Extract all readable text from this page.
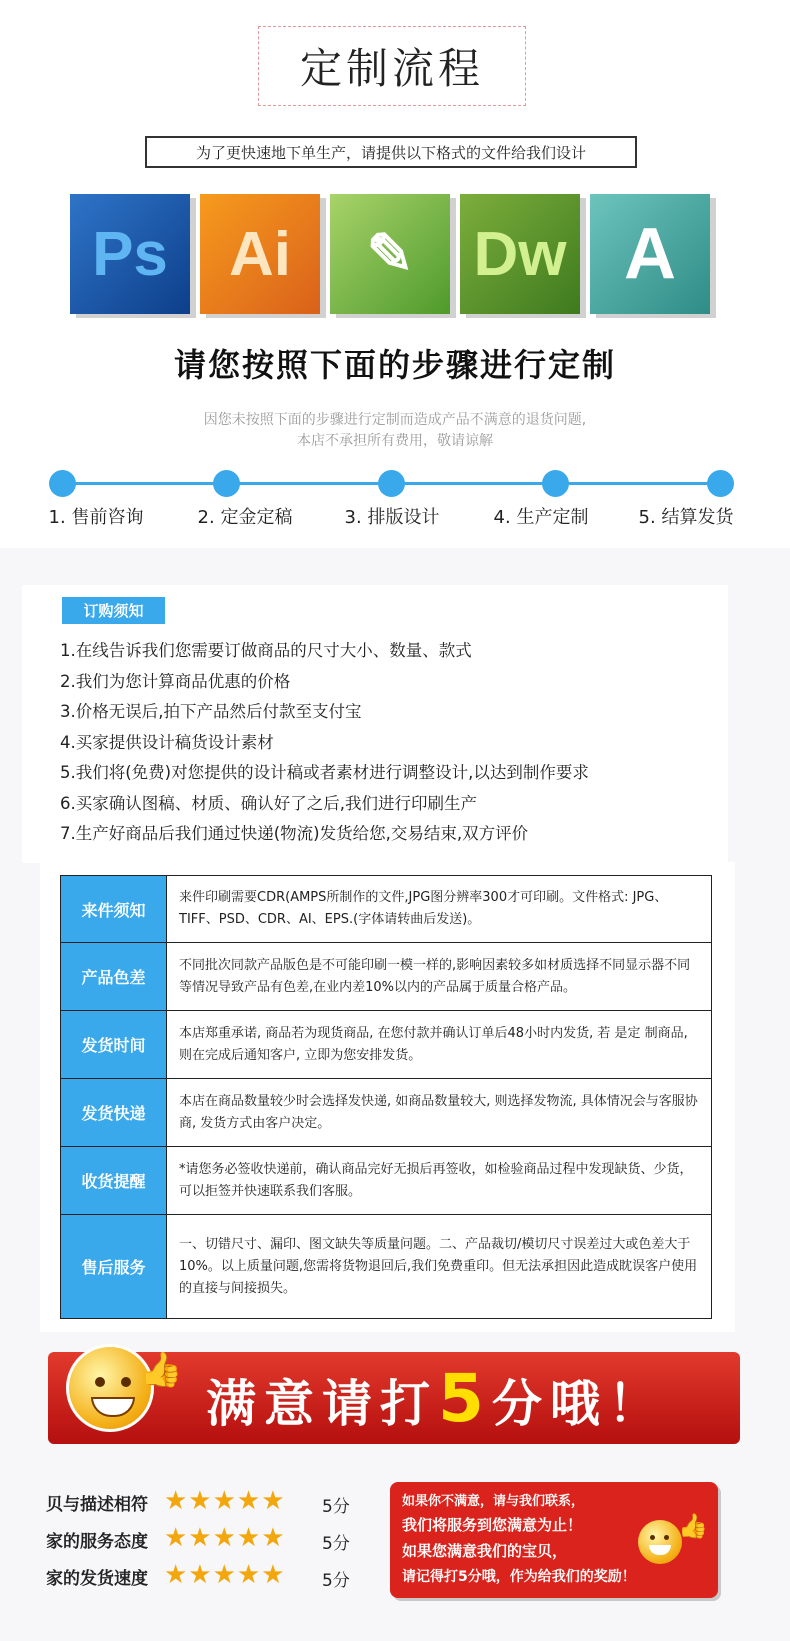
定制流程
为了更快速地下单生产，请提供以下格式的文件给我们设计
Ps Ai	✎ Dw A
请您按照下面的步骤进行定制
因您未按照下面的步骤进行定制而造成产品不满意的退货问题,
本店不承担所有费用，敬请谅解
1. 售前咨询	2. 定金定稿	3. 排版设计	4. 生产定制	5. 结算发货
订购须知
1.在线告诉我们您需要订做商品的尺寸大小、数量、款式
2.我们为您计算商品优惠的价格
3.价格无误后,拍下产品然后付款至支付宝
4.买家提供设计稿货设计素材
5.我们将(免费)对您提供的设计稿或者素材进行调整设计,以达到制作要求
6.买家确认图稿、材质、确认好了之后,我们进行印刷生产
7.生产好商品后我们通过快递(物流)发货给您,交易结束,双方评价
来件须知	来件印刷需要CDR(AMPS所制作的文件,JPG图分辨率300才可印刷。文件格式: JPG、TIFF、PSD、CDR、AI、EPS.(字体请转曲后发送)。
产品色差	不同批次同款产品版色是不可能印刷一模一样的,影响因素较多如材质选择不同显示器不同等情况导致产品有色差,在业内差10%以内的产品属于质量合格产品。
发货时间	本店郑重承诺, 商品若为现货商品, 在您付款并确认订单后48小时内发货, 若 是定 制商品, 则在完成后通知客户, 立即为您安排发货。
发货快递	本店在商品数量较少时会选择发快递, 如商品数量较大, 则选择发物流, 具体情况会与客服协商, 发货方式由客户决定。
收货提醒	*请您务必签收快递前，确认商品完好无损后再签收，如检验商品过程中发现缺货、少货，可以拒签并快速联系我们客服。
售后服务	一、切错尺寸、漏印、图文缺失等质量问题。二、产品裁切/模切尺寸误差过大或色差大于10%。以上质量问题,您需将货物退回后,我们免费重印。但无法承担因此造成眈误客户使用的直接与间接损失。
👍
满意请打5分哦！
贝与描述相符 ★★★★★ 5分
家的服务态度 ★★★★★ 5分
家的发货速度 ★★★★★ 5分

如果你不满意，请与我们联系，

我们将服务到您满意为止！

如果您满意我们的宝贝，

请记得打5分哦，作为给我们的奖励！

👍
